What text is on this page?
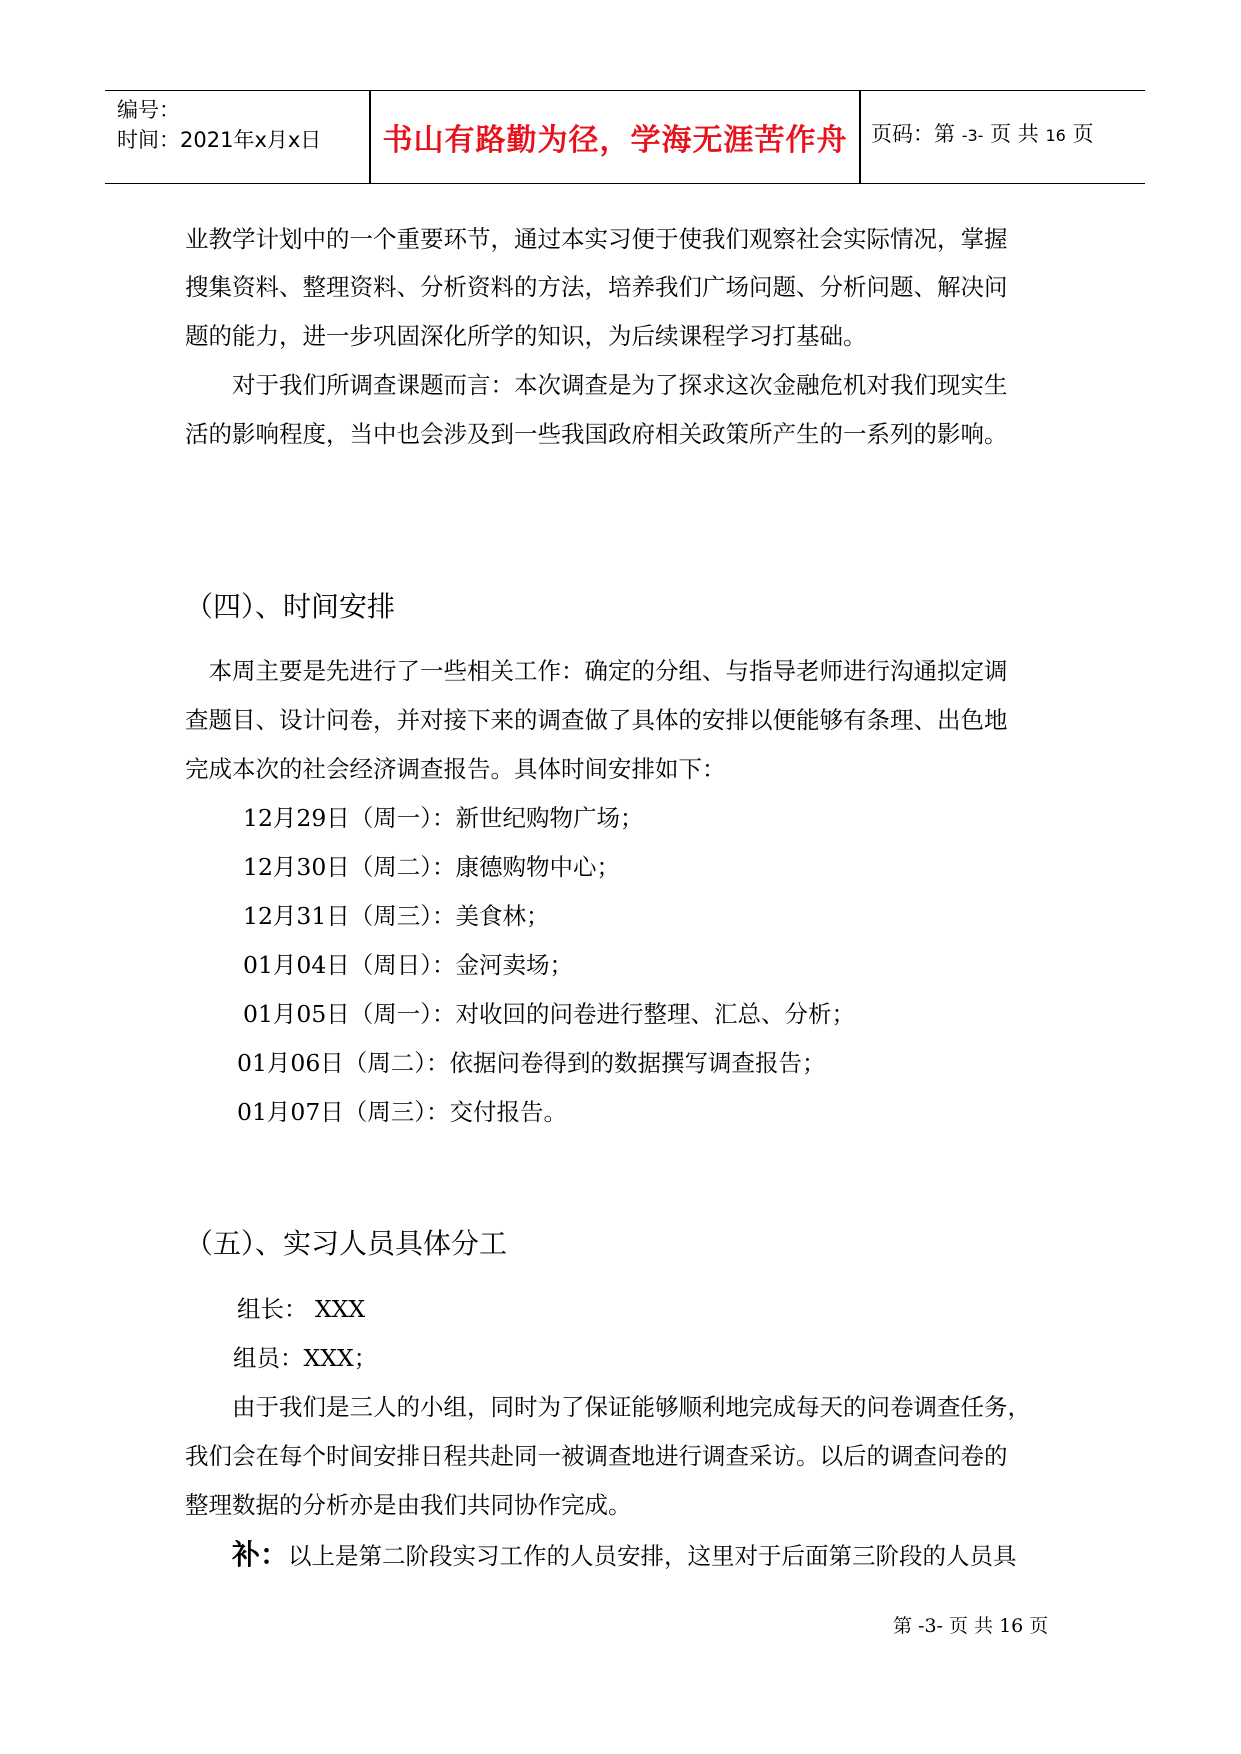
编号：
时间：2021年x月x日	书山有路勤为径，学海无涯苦作舟	页码：第 -3- 页 共 16 页
业教学计划中的一个重要环节，通过本实习便于使我们观察社会实际情况，掌握
搜集资料、整理资料、分析资料的方法，培养我们广场问题、分析问题、解决问
题的能力，进一步巩固深化所学的知识，为后续课程学习打基础。
　　对于我们所调查课题而言：本次调查是为了探求这次金融危机对我们现实生
活的影响程度，当中也会涉及到一些我国政府相关政策所产生的一系列的影响。
（四）、时间安排
　本周主要是先进行了一些相关工作：确定的分组、与指导老师进行沟通拟定调
查题目、设计问卷，并对接下来的调查做了具体的安排以便能够有条理、出色地
完成本次的社会经济调查报告。具体时间安排如下：
12月29日（周一）：新世纪购物广场；
12月30日（周二）：康德购物中心；
12月31日（周三）：美食林；
01月04日（周日）：金河卖场；
01月05日（周一）：对收回的问卷进行整理、汇总、分析；
01月06日（周二）：依据问卷得到的数据撰写调查报告；
01月07日（周三）：交付报告。
（五）、实习人员具体分工
组长： XXX
组员：XXX；
　　由于我们是三人的小组，同时为了保证能够顺利地完成每天的问卷调查任务，
我们会在每个时间安排日程共赴同一被调查地进行调查采访。以后的调查问卷的
整理数据的分析亦是由我们共同协作完成。
补：以上是第二阶段实习工作的人员安排，这里对于后面第三阶段的人员具
第 -3- 页 共 16 页
